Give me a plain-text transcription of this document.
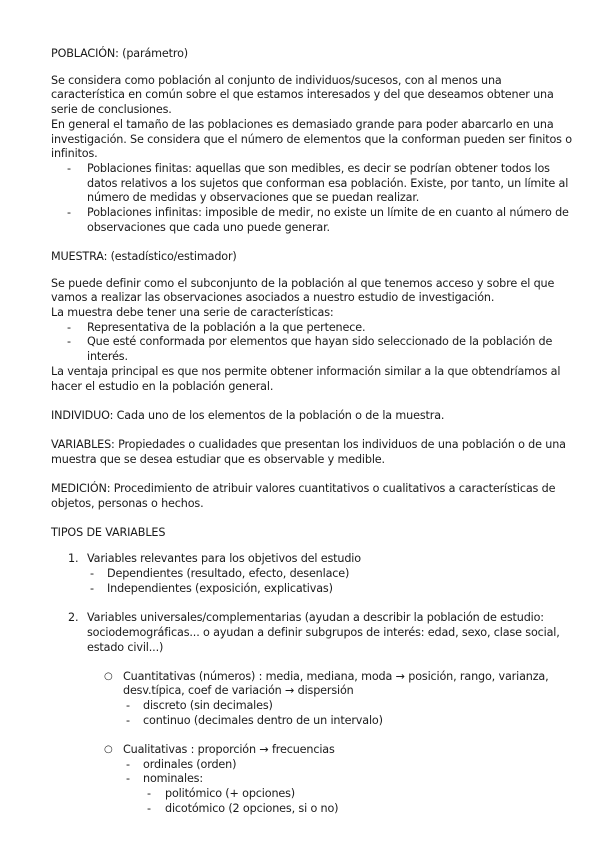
POBLACIÓN: (parámetro)

Se considera como población al conjunto de individuos/sucesos, con al menos una característica en común sobre el que estamos interesados y del que deseamos obtener una serie de conclusiones.

En general el tamaño de las poblaciones es demasiado grande para poder abarcarlo en una investigación. Se considera que el número de elementos que la conforman pueden ser finitos o infinitos.

- Poblaciones finitas: aquellas que son medibles, es decir se podrían obtener todos los datos relativos a los sujetos que conforman esa población. Existe, por tanto, un límite al número de medidas y observaciones que se puedan realizar.
- Poblaciones infinitas: imposible de medir, no existe un límite de en cuanto al número de observaciones que cada uno puede generar.

MUESTRA: (estadístico/estimador)

Se puede definir como el subconjunto de la población al que tenemos acceso y sobre el que vamos a realizar las observaciones asociados a nuestro estudio de investigación.

La muestra debe tener una serie de características:

- Representativa de la población a la que pertenece.
- Que esté conformada por elementos que hayan sido seleccionado de la población de interés.

La ventaja principal es que nos permite obtener información similar a la que obtendríamos al hacer el estudio en la población general.

INDIVIDUO: Cada uno de los elementos de la población o de la muestra.

VARIABLES: Propiedades o cualidades que presentan los individuos de una población o de una muestra que se desea estudiar que es observable y medible.

MEDICIÓN: Procedimiento de atribuir valores cuantitativos o cualitativos a características de objetos, personas o hechos.

TIPOS DE VARIABLES

1. Variables relevantes para los objetivos del estudio

- Dependientes (resultado, efecto, desenlace)
- Independientes (exposición, explicativas)
2. Variables universales/complementarias (ayudan a describir la población de estudio: sociodemográficas... o ayudan a definir subgrupos de interés: edad, sexo, clase social, estado civil...)

○ Cuantitativas (números) : media, mediana, moda → posición, rango, varianza, desv.típica, coef de variación → dispersión

- discreto (sin decimales)
- continuo (decimales dentro de un intervalo)
○ Cualitativas : proporción → frecuencias

- ordinales (orden)
- nominales:
- politómico (+ opciones)
- dicotómico (2 opciones, si o no)
